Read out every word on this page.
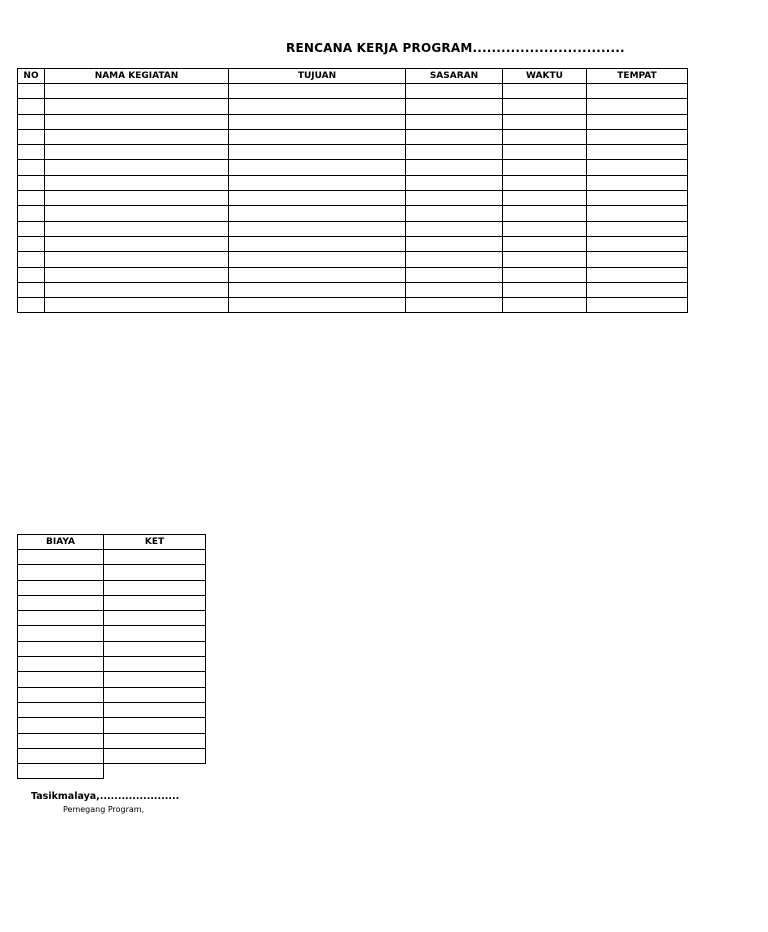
RENCANA KERJA PROGRAM................................
NO	NAMA KEGIATAN	TUJUAN	SASARAN	WAKTU	TEMPAT

BIAYA	KET

Tasikmalaya,......................
Pemegang Program,
